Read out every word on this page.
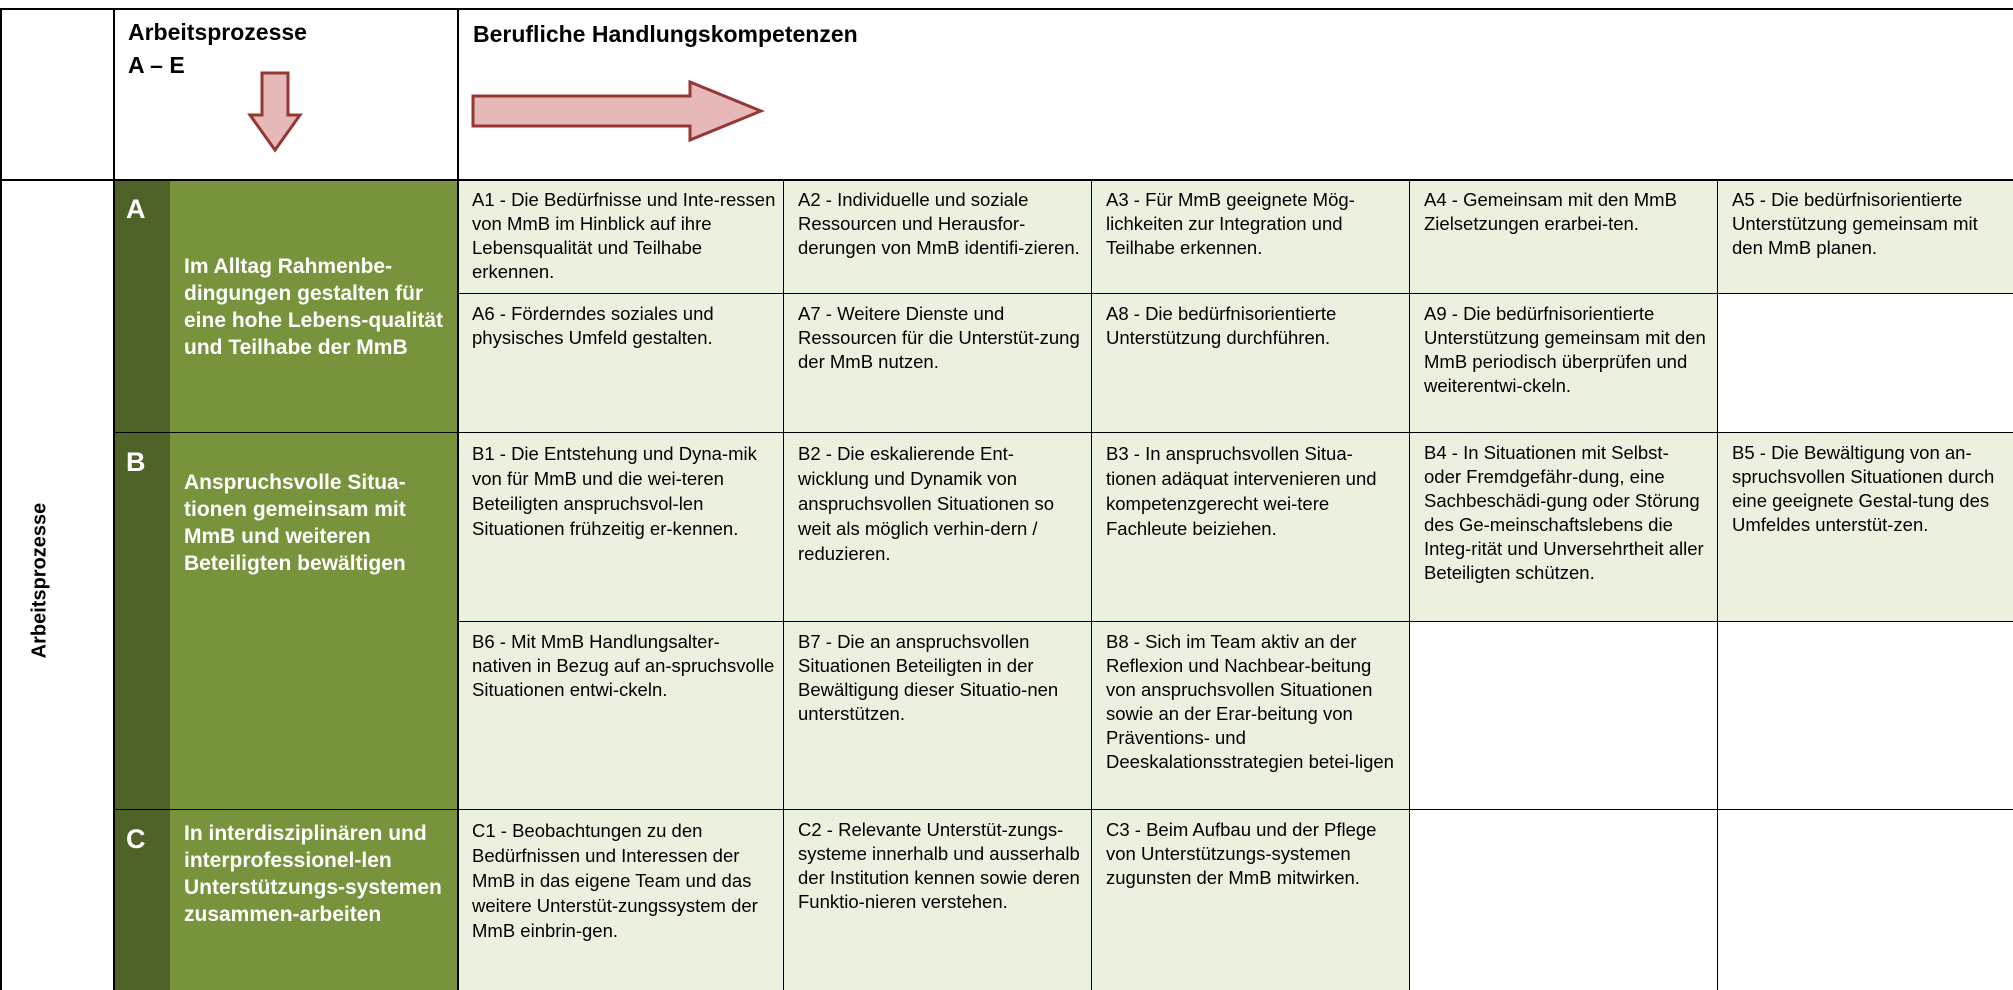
Arbeitsprozesse
A – E
Berufliche Handlungskompetenzen
Arbeitsprozesse
A
Im Alltag Rahmenbe-dingungen gestalten für eine hohe Lebens-qualität und Teilhabe der MmB
A1 - Die Bedürfnisse und Inte-ressen von MmB im Hinblick auf ihre Lebensqualität und Teilhabe erkennen.
A2 - Individuelle und soziale Ressourcen und Herausfor-derungen von MmB identifi-zieren.
A3 - Für MmB geeignete Mög-lichkeiten zur Integration und Teilhabe erkennen.
A4 - Gemeinsam mit den MmB Zielsetzungen erarbei-ten.
A5 - Die bedürfnisorientierte Unterstützung gemeinsam mit den MmB planen.
A6 - Förderndes soziales und physisches Umfeld gestalten.
A7 - Weitere Dienste und Ressourcen für die Unterstüt-zung der MmB nutzen.
A8 - Die bedürfnisorientierte Unterstützung durchführen.
A9 - Die bedürfnisorientierte Unterstützung gemeinsam mit den MmB periodisch überprüfen und weiterentwi-ckeln.
B
Anspruchsvolle Situa-tionen gemeinsam mit MmB und weiteren Beteiligten bewältigen
B1 - Die Entstehung und Dyna-mik von für MmB und die wei-teren Beteiligten anspruchsvol-len Situationen frühzeitig er-kennen.
B2 - Die eskalierende Ent-wicklung und Dynamik von anspruchsvollen Situationen so weit als möglich verhin-dern / reduzieren.
B3 - In anspruchsvollen Situa-tionen adäquat intervenieren und kompetenzgerecht wei-tere Fachleute beiziehen.
B4 - In Situationen mit Selbst- oder Fremdgefähr-dung, eine Sachbeschädi-gung oder Störung des Ge-meinschaftslebens die Integ-rität und Unversehrtheit aller Beteiligten schützen.
B5 - Die Bewältigung von an-spruchsvollen Situationen durch eine geeignete Gestal-tung des Umfeldes unterstüt-zen.
B6 - Mit MmB Handlungsalter-nativen in Bezug auf an-spruchsvolle Situationen entwi-ckeln.
B7 - Die an anspruchsvollen Situationen Beteiligten in der Bewältigung dieser Situatio-nen unterstützen.
B8 - Sich im Team aktiv an der Reflexion und Nachbear-beitung von anspruchsvollen Situationen sowie an der Erar-beitung von Präventions- und Deeskalationsstrategien betei-ligen
C	In interdisziplinären und interprofessionel-len Unterstützungs-systemen zusammen-arbeiten
C1 - Beobachtungen zu den Bedürfnissen und Interessen der MmB in das eigene Team und das weitere Unterstüt-zungssystem der MmB einbrin-gen.
C2 - Relevante Unterstüt-zungs-systeme innerhalb und ausserhalb der Institution kennen sowie deren Funktio-nieren verstehen.
C3 - Beim Aufbau und der Pflege von Unterstützungs-systemen zugunsten der MmB mitwirken.
